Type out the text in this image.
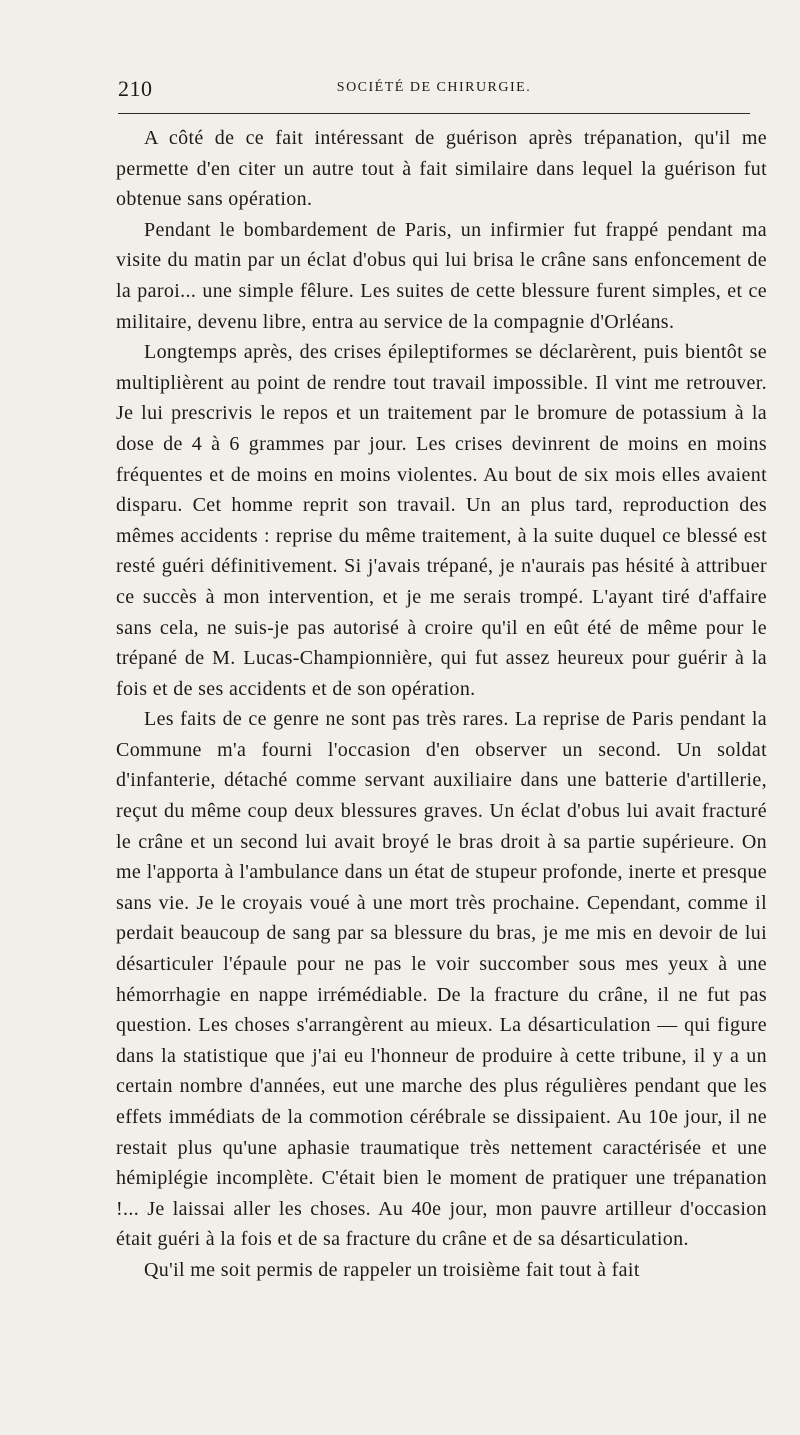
210	SOCIÉTÉ DE CHIRURGIE.

A côté de ce fait intéressant de guérison après trépanation, qu'il me permette d'en citer un autre tout à fait similaire dans lequel la guérison fut obtenue sans opération.

Pendant le bombardement de Paris, un infirmier fut frappé pendant ma visite du matin par un éclat d'obus qui lui brisa le crâne sans enfoncement de la paroi... une simple fêlure. Les suites de cette blessure furent simples, et ce militaire, devenu libre, entra au service de la compagnie d'Orléans.

Longtemps après, des crises épileptiformes se déclarèrent, puis bientôt se multiplièrent au point de rendre tout travail impossible. Il vint me retrouver. Je lui prescrivis le repos et un traitement par le bromure de potassium à la dose de 4 à 6 grammes par jour. Les crises devinrent de moins en moins fréquentes et de moins en moins violentes. Au bout de six mois elles avaient disparu. Cet homme reprit son travail. Un an plus tard, reproduction des mêmes accidents : reprise du même traitement, à la suite duquel ce blessé est resté guéri définitivement. Si j'avais trépané, je n'aurais pas hésité à attribuer ce succès à mon intervention, et je me serais trompé. L'ayant tiré d'affaire sans cela, ne suis-je pas autorisé à croire qu'il en eût été de même pour le trépané de M. Lucas-Championnière, qui fut assez heureux pour guérir à la fois et de ses accidents et de son opération.

Les faits de ce genre ne sont pas très rares. La reprise de Paris pendant la Commune m'a fourni l'occasion d'en observer un second. Un soldat d'infanterie, détaché comme servant auxiliaire dans une batterie d'artillerie, reçut du même coup deux blessures graves. Un éclat d'obus lui avait fracturé le crâne et un second lui avait broyé le bras droit à sa partie supérieure. On me l'apporta à l'ambulance dans un état de stupeur profonde, inerte et presque sans vie. Je le croyais voué à une mort très prochaine. Cependant, comme il perdait beaucoup de sang par sa blessure du bras, je me mis en devoir de lui désarticuler l'épaule pour ne pas le voir succomber sous mes yeux à une hémorrhagie en nappe irrémédiable. De la fracture du crâne, il ne fut pas question. Les choses s'arrangèrent au mieux. La désarticulation — qui figure dans la statistique que j'ai eu l'honneur de produire à cette tribune, il y a un certain nombre d'années, eut une marche des plus régulières pendant que les effets immédiats de la commotion cérébrale se dissipaient. Au 10e jour, il ne restait plus qu'une aphasie traumatique très nettement caractérisée et une hémiplégie incomplète. C'était bien le moment de pratiquer une trépanation !... Je laissai aller les choses. Au 40e jour, mon pauvre artilleur d'occasion était guéri à la fois et de sa fracture du crâne et de sa désarticulation.

Qu'il me soit permis de rappeler un troisième fait tout à fait
